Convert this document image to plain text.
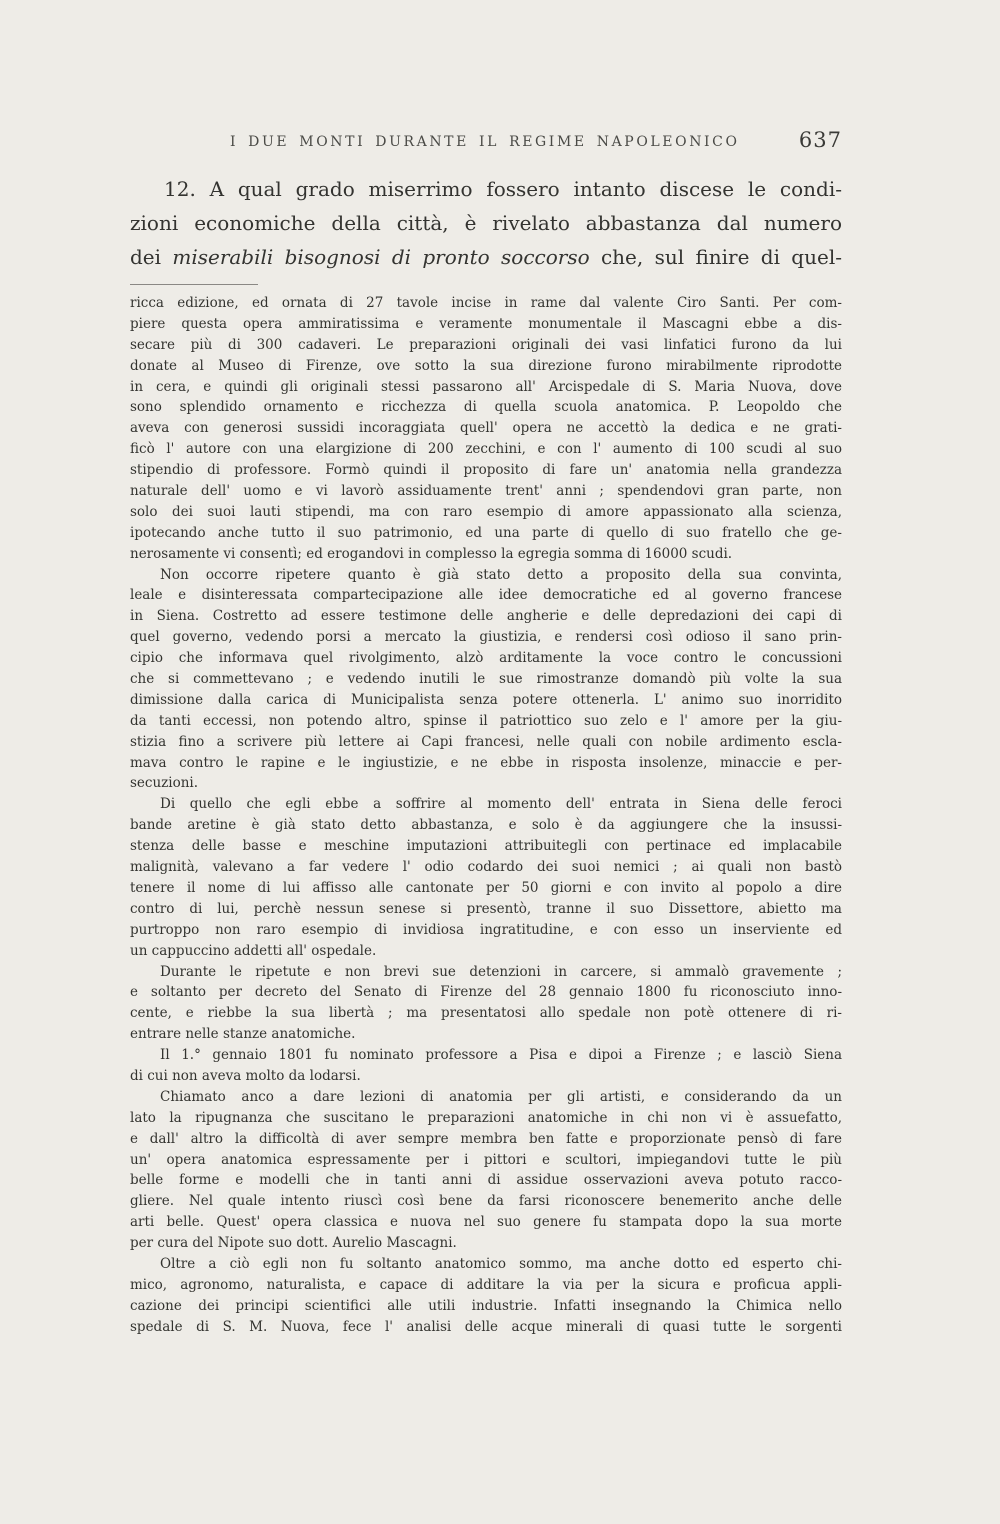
I DUE MONTI DURANTE IL REGIME NAPOLEONICO	637
12. A qual grado miserrimo fossero intanto discese le condi-
zioni economiche della città, è rivelato abbastanza dal numero
dei miserabili bisognosi di pronto soccorso che, sul finire di quel-
ricca edizione, ed ornata di 27 tavole incise in rame dal valente Ciro Santi. Per com-
piere questa opera ammiratissima e veramente monumentale il Mascagni ebbe a dis-
secare più di 300 cadaveri. Le preparazioni originali dei vasi linfatici furono da lui
donate al Museo di Firenze, ove sotto la sua direzione furono mirabilmente riprodotte
in cera, e quindi gli originali stessi passarono all' Arcispedale di S. Maria Nuova, dove
sono splendido ornamento e ricchezza di quella scuola anatomica. P. Leopoldo che
aveva con generosi sussidi incoraggiata quell' opera ne accettò la dedica e ne grati-
ficò l' autore con una elargizione di 200 zecchini, e con l' aumento di 100 scudi al suo
stipendio di professore. Formò quindi il proposito di fare un' anatomia nella grandezza
naturale dell' uomo e vi lavorò assiduamente trent' anni ; spendendovi gran parte, non
solo dei suoi lauti stipendi, ma con raro esempio di amore appassionato alla scienza,
ipotecando anche tutto il suo patrimonio, ed una parte di quello di suo fratello che ge-
nerosamente vi consentì; ed erogandovi in complesso la egregia somma di 16000 scudi.
Non occorre ripetere quanto è già stato detto a proposito della sua convinta,
leale e disinteressata compartecipazione alle idee democratiche ed al governo francese
in Siena. Costretto ad essere testimone delle angherie e delle depredazioni dei capi di
quel governo, vedendo porsi a mercato la giustizia, e rendersi così odioso il sano prin-
cipio che informava quel rivolgimento, alzò arditamente la voce contro le concussioni
che si commettevano ; e vedendo inutili le sue rimostranze domandò più volte la sua
dimissione dalla carica di Municipalista senza potere ottenerla. L' animo suo inorridito
da tanti eccessi, non potendo altro, spinse il patriottico suo zelo e l' amore per la giu-
stizia fino a scrivere più lettere ai Capi francesi, nelle quali con nobile ardimento escla-
mava contro le rapine e le ingiustizie, e ne ebbe in risposta insolenze, minaccie e per-
secuzioni.
Di quello che egli ebbe a soffrire al momento dell' entrata in Siena delle feroci
bande aretine è già stato detto abbastanza, e solo è da aggiungere che la insussi-
stenza delle basse e meschine imputazioni attribuitegli con pertinace ed implacabile
malignità, valevano a far vedere l' odio codardo dei suoi nemici ; ai quali non bastò
tenere il nome di lui affisso alle cantonate per 50 giorni e con invito al popolo a dire
contro di lui, perchè nessun senese si presentò, tranne il suo Dissettore, abietto ma
purtroppo non raro esempio di invidiosa ingratitudine, e con esso un inserviente ed
un cappuccino addetti all' ospedale.
Durante le ripetute e non brevi sue detenzioni in carcere, si ammalò gravemente ;
e soltanto per decreto del Senato di Firenze del 28 gennaio 1800 fu riconosciuto inno-
cente, e riebbe la sua libertà ; ma presentatosi allo spedale non potè ottenere di ri-
entrare nelle stanze anatomiche.
Il 1.° gennaio 1801 fu nominato professore a Pisa e dipoi a Firenze ; e lasciò Siena
di cui non aveva molto da lodarsi.
Chiamato anco a dare lezioni di anatomia per gli artisti, e considerando da un
lato la ripugnanza che suscitano le preparazioni anatomiche in chi non vi è assuefatto,
e dall' altro la difficoltà di aver sempre membra ben fatte e proporzionate pensò di fare
un' opera anatomica espressamente per i pittori e scultori, impiegandovi tutte le più
belle forme e modelli che in tanti anni di assidue osservazioni aveva potuto racco-
gliere. Nel quale intento riuscì così bene da farsi riconoscere benemerito anche delle
arti belle. Quest' opera classica e nuova nel suo genere fu stampata dopo la sua morte
per cura del Nipote suo dott. Aurelio Mascagni.
Oltre a ciò egli non fu soltanto anatomico sommo, ma anche dotto ed esperto chi-
mico, agronomo, naturalista, e capace di additare la via per la sicura e proficua appli-
cazione dei principi scientifici alle utili industrie. Infatti insegnando la Chimica nello
spedale di S. M. Nuova, fece l' analisi delle acque minerali di quasi tutte le sorgenti
